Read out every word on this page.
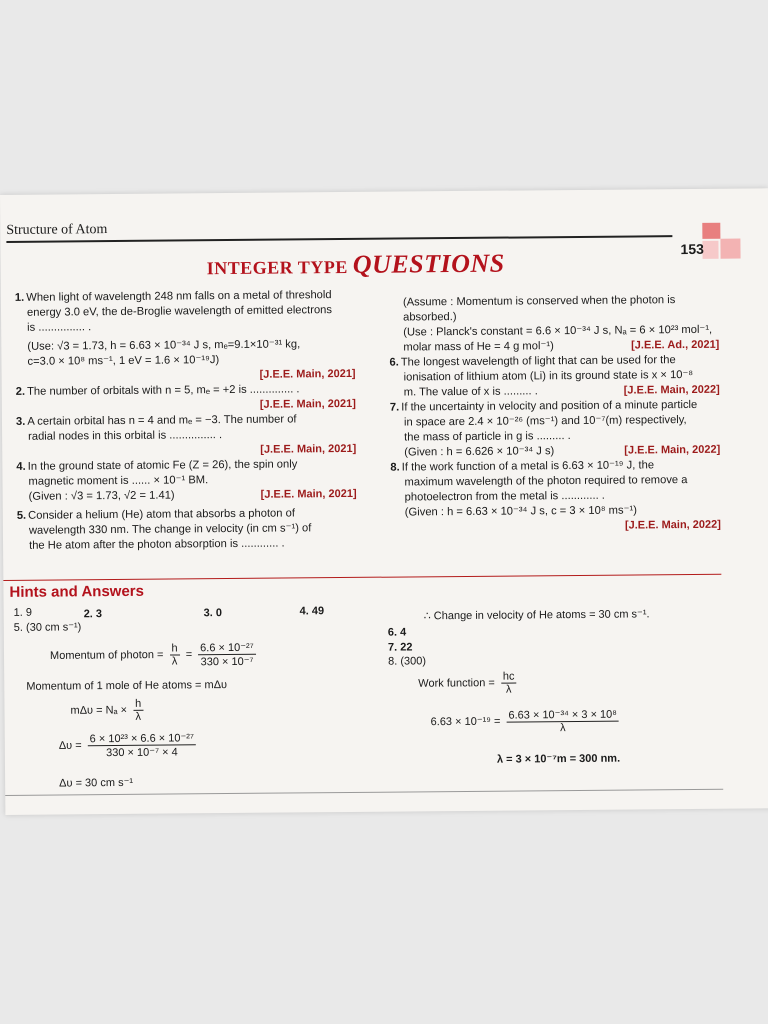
Structure of Atom
153
INTEGER TYPE QUESTIONS
1. When light of wavelength 248 nm falls on a metal of threshold
energy 3.0 eV, the de-Broglie wavelength of emitted electrons
is ............... .
(Use: √3 = 1.73, h = 6.63 × 10⁻³⁴ J s, mₑ=9.1×10⁻³¹ kg,
c=3.0 × 10⁸ ms⁻¹, 1 eV = 1.6 × 10⁻¹⁹J)
[J.E.E. Main, 2021]
2. The number of orbitals with n = 5, mₑ = +2 is .............. .
[J.E.E. Main, 2021]
3. A certain orbital has n = 4 and mₑ = −3. The number of
radial nodes in this orbital is ............... .
[J.E.E. Main, 2021]
4. In the ground state of atomic Fe (Z = 26), the spin only
magnetic moment is ...... × 10⁻¹ BM.
(Given : √3 = 1.73, √2 = 1.41)	[J.E.E. Main, 2021]
5. Consider a helium (He) atom that absorbs a photon of
wavelength 330 nm. The change in velocity (in cm s⁻¹) of
the He atom after the photon absorption is ............ .
(Assume : Momentum is conserved when the photon is
absorbed.)
(Use : Planck's constant = 6.6 × 10⁻³⁴ J s, Nₐ = 6 × 10²³ mol⁻¹,
molar mass of He = 4 g mol⁻¹)	[J.E.E. Ad., 2021]
6. The longest wavelength of light that can be used for the
ionisation of lithium atom (Li) in its ground state is x × 10⁻⁸
m. The value of x is ......... .	[J.E.E. Main, 2022]
7. If the uncertainty in velocity and position of a minute particle
in space are 2.4 × 10⁻²⁶ (ms⁻¹) and 10⁻⁷(m) respectively,
the mass of particle in g is ......... .
(Given : h = 6.626 × 10⁻³⁴ J s)	[J.E.E. Main, 2022]
8. If the work function of a metal is 6.63 × 10⁻¹⁹ J, the
maximum wavelength of the photon required to remove a
photoelectron from the metal is ............ .
(Given : h = 6.63 × 10⁻³⁴ J s, c = 3 × 10⁸ ms⁻¹)
[J.E.E. Main, 2022]
Hints and Answers
1. 9	2. 3	3. 0	4. 49
5. (30 cm s⁻¹)
Momentum of photon = $\frac{h}{\lambda} = \frac{\text{6.6 × 10⁻²⁷}}{\text{330 × 10⁻⁷}}$
Momentum of 1 mole of He atoms = mΔυ
$m\Delta\upsilon = N_a \times \frac{h}{\lambda}$
$\Delta\upsilon = \frac{\text{6 × 10²³ × 6.6 × 10⁻²⁷}}{\text{330 × 10⁻⁷ × 4}}$
Δυ = 30 cm s⁻¹
∴ Change in velocity of He atoms = 30 cm s⁻¹.
6. 4
7. 22
8. (300)
Work function = $\frac{hc}{\lambda}$
$6.63 \times 10^{-19} = \frac{\text{6.63 × 10⁻³⁴ × 3 × 10⁸}}{\lambda}$
λ = 3 × 10⁻⁷m = 300 nm.
